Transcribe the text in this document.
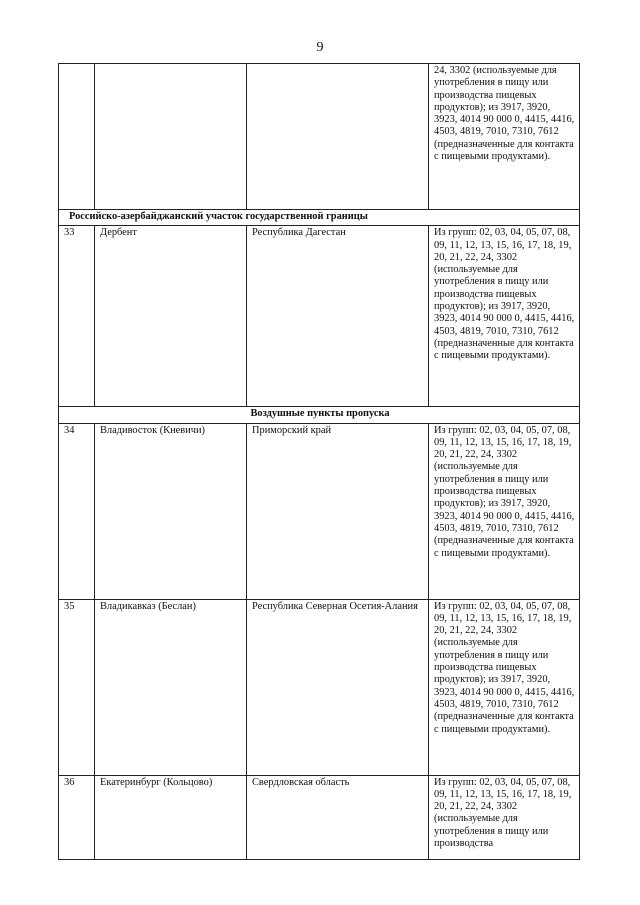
9
			24, 3302 (используемые для употребления в пищу или производства пищевых продуктов); из 3917, 3920, 3923, 4014 90 000 0, 4415, 4416, 4503, 4819, 7010, 7310, 7612 (предназначенные для контакта с пищевыми продуктами).
Российско-азербайджанский участок государственной границы			
33	Дербент	Республика Дагестан	Из групп: 02, 03, 04, 05, 07, 08, 09, 11, 12, 13, 15, 16, 17, 18, 19, 20, 21, 22, 24, 3302 (используемые для употребления в пищу или производства пищевых продуктов); из 3917, 3920, 3923, 4014 90 000 0, 4415, 4416, 4503, 4819, 7010, 7310, 7612 (предназначенные для контакта с пищевыми продуктами).
Воздушные пункты пропуска			
34	Владивосток (Кневичи)	Приморский край	Из групп: 02, 03, 04, 05, 07, 08, 09, 11, 12, 13, 15, 16, 17, 18, 19, 20, 21, 22, 24, 3302 (используемые для употребления в пищу или производства пищевых продуктов); из 3917, 3920, 3923, 4014 90 000 0, 4415, 4416, 4503, 4819, 7010, 7310, 7612 (предназначенные для контакта с пищевыми продуктами).
35	Владикавказ (Беслан)	Республика Северная Осетия-Алания	Из групп: 02, 03, 04, 05, 07, 08, 09, 11, 12, 13, 15, 16, 17, 18, 19, 20, 21, 22, 24, 3302 (используемые для употребления в пищу или производства пищевых продуктов); из 3917, 3920, 3923, 4014 90 000 0, 4415, 4416, 4503, 4819, 7010, 7310, 7612 (предназначенные для контакта с пищевыми продуктами).
36	Екатеринбург (Кольцово)	Свердловская область	Из групп: 02, 03, 04, 05, 07, 08, 09, 11, 12, 13, 15, 16, 17, 18, 19, 20, 21, 22, 24, 3302 (используемые для употребления в пищу или производства
